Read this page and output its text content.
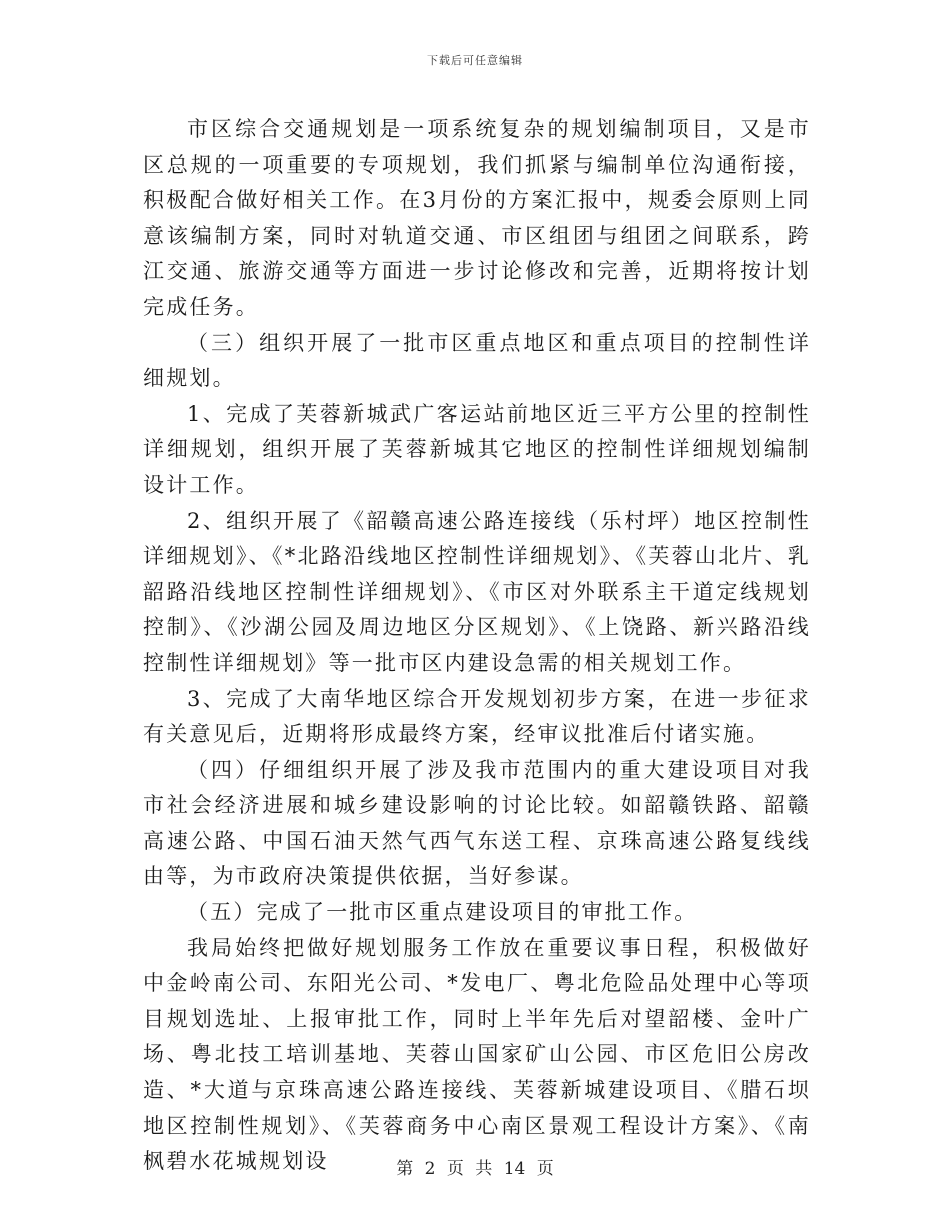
下载后可任意编辑

市区综合交通规划是一项系统复杂的规划编制项目，又是市区总规的一项重要的专项规划，我们抓紧与编制单位沟通衔接，积极配合做好相关工作。在3月份的方案汇报中，规委会原则上同意该编制方案，同时对轨道交通、市区组团与组团之间联系，跨江交通、旅游交通等方面进一步讨论修改和完善，近期将按计划完成任务。

（三）组织开展了一批市区重点地区和重点项目的控制性详细规划。

1、完成了芙蓉新城武广客运站前地区近三平方公里的控制性详细规划，组织开展了芙蓉新城其它地区的控制性详细规划编制设计工作。

2、组织开展了《韶赣高速公路连接线（乐村坪）地区控制性详细规划》、《*北路沿线地区控制性详细规划》、《芙蓉山北片、乳韶路沿线地区控制性详细规划》、《市区对外联系主干道定线规划控制》、《沙湖公园及周边地区分区规划》、《上饶路、新兴路沿线控制性详细规划》等一批市区内建设急需的相关规划工作。

3、完成了大南华地区综合开发规划初步方案，在进一步征求有关意见后，近期将形成最终方案，经审议批准后付诸实施。

（四）仔细组织开展了涉及我市范围内的重大建设项目对我市社会经济进展和城乡建设影响的讨论比较。如韶赣铁路、韶赣高速公路、中国石油天然气西气东送工程、京珠高速公路复线线由等，为市政府决策提供依据，当好参谋。

（五）完成了一批市区重点建设项目的审批工作。

我局始终把做好规划服务工作放在重要议事日程，积极做好中金岭南公司、东阳光公司、*发电厂、粤北危险品处理中心等项目规划选址、上报审批工作，同时上半年先后对望韶楼、金叶广场、粤北技工培训基地、芙蓉山国家矿山公园、市区危旧公房改造、*大道与京珠高速公路连接线、芙蓉新城建设项目、《腊石坝地区控制性规划》、《芙蓉商务中心南区景观工程设计方案》、《南枫碧水花城规划设	第 2 页 共 14 页
